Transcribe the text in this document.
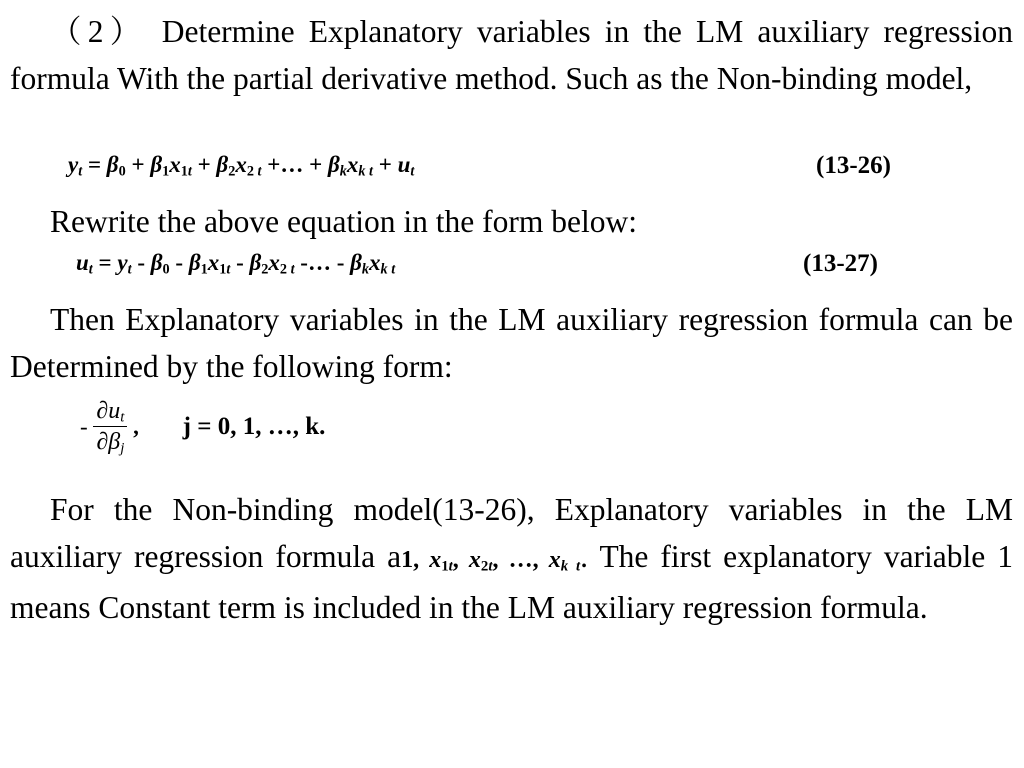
（2） Determine Explanatory variables in the LM auxiliary regression formula With the partial derivative method. Such as the Non-binding model,

$y_t = \beta_0 + \beta_1x_{1t} + \beta_2x_{2 t}$ +… + $\beta_kx_{k t} + u_t$	(13-26)

Rewrite the above equation in the form below:

$u_t = y_t - \beta_0 - \beta_1x_{1t} - \beta_2x_{2 t}$ -… - $\beta_kx_{k t}$	(13-27)

Then Explanatory variables in the LM auxiliary regression formula can be Determined by the following form:

- $\frac{\partial u_t}{\partial\beta_j}$ , j = 0, 1, …, k.

For the Non-binding model(13-26), Explanatory variables in the LM auxiliary regression formula a1, $x_{1t}$, $x_{2t}$, …, $x_{k t}$. The first explanatory variable 1 means Constant term is included in the LM auxiliary regression formula.
